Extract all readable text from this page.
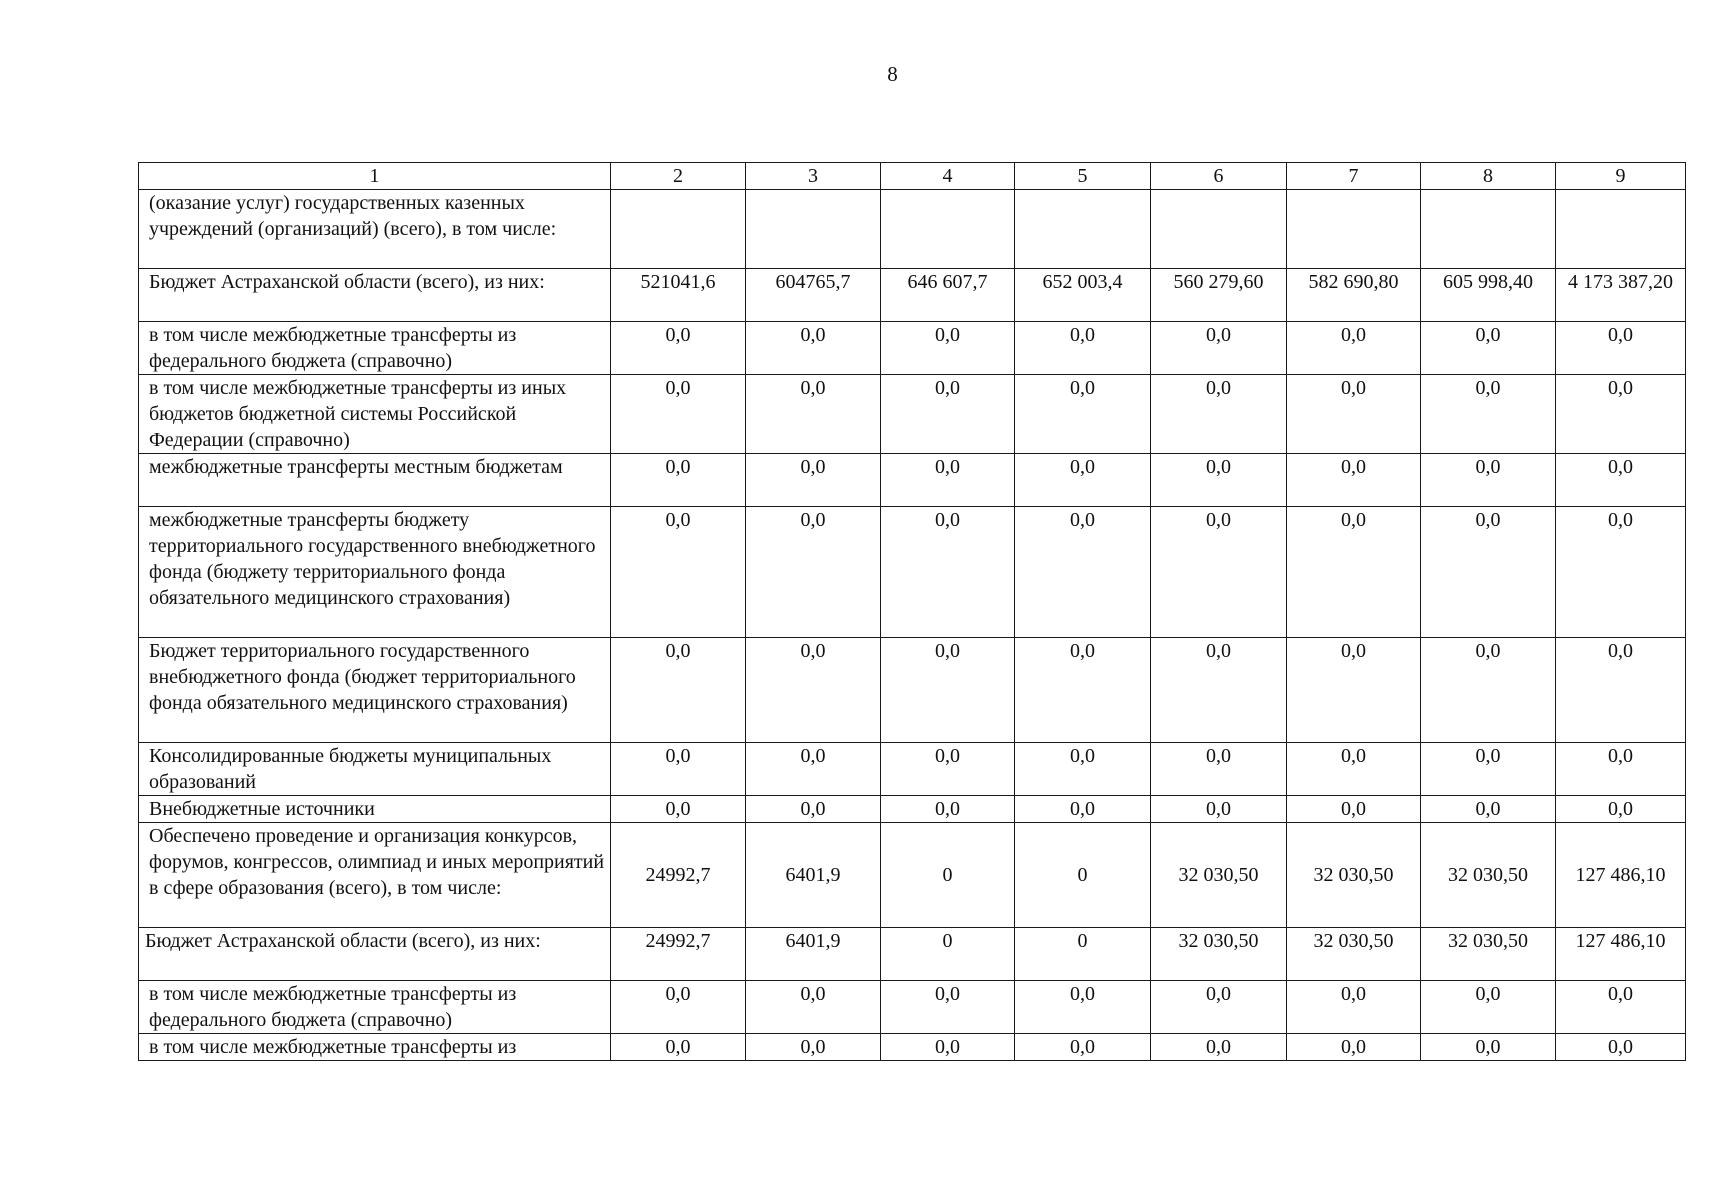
8
1	2	3	4	5	6	7	8	9
(оказание услуг) государственных казенных учреждений (организаций) (всего), в том числе:								
Бюджет Астраханской области (всего), из них:	521041,6	604765,7	646 607,7	652 003,4	560 279,60	582 690,80	605 998,40	4 173 387,20
в том числе межбюджетные трансферты из федерального бюджета (справочно)	0,0	0,0	0,0	0,0	0,0	0,0	0,0	0,0
в том числе межбюджетные трансферты из иных бюджетов бюджетной системы Российской Федерации (справочно)	0,0	0,0	0,0	0,0	0,0	0,0	0,0	0,0
межбюджетные трансферты местным бюджетам	0,0	0,0	0,0	0,0	0,0	0,0	0,0	0,0
межбюджетные трансферты бюджету территориального государственного внебюджетного фонда (бюджету территориального фонда обязательного медицинского страхования)	0,0	0,0	0,0	0,0	0,0	0,0	0,0	0,0
Бюджет территориального государственного внебюджетного фонда (бюджет территориального фонда обязательного медицинского страхования)	0,0	0,0	0,0	0,0	0,0	0,0	0,0	0,0
Консолидированные бюджеты муниципальных образований	0,0	0,0	0,0	0,0	0,0	0,0	0,0	0,0
Внебюджетные источники	0,0	0,0	0,0	0,0	0,0	0,0	0,0	0,0
Обеспечено проведение и организация конкурсов, форумов, конгрессов, олимпиад и иных мероприятий в сфере образования (всего), в том числе:	24992,7	6401,9	0	0	32 030,50	32 030,50	32 030,50	127 486,10
Бюджет Астраханской области (всего), из них:	24992,7	6401,9	0	0	32 030,50	32 030,50	32 030,50	127 486,10
в том числе межбюджетные трансферты из федерального бюджета (справочно)	0,0	0,0	0,0	0,0	0,0	0,0	0,0	0,0
в том числе межбюджетные трансферты из	0,0	0,0	0,0	0,0	0,0	0,0	0,0	0,0
